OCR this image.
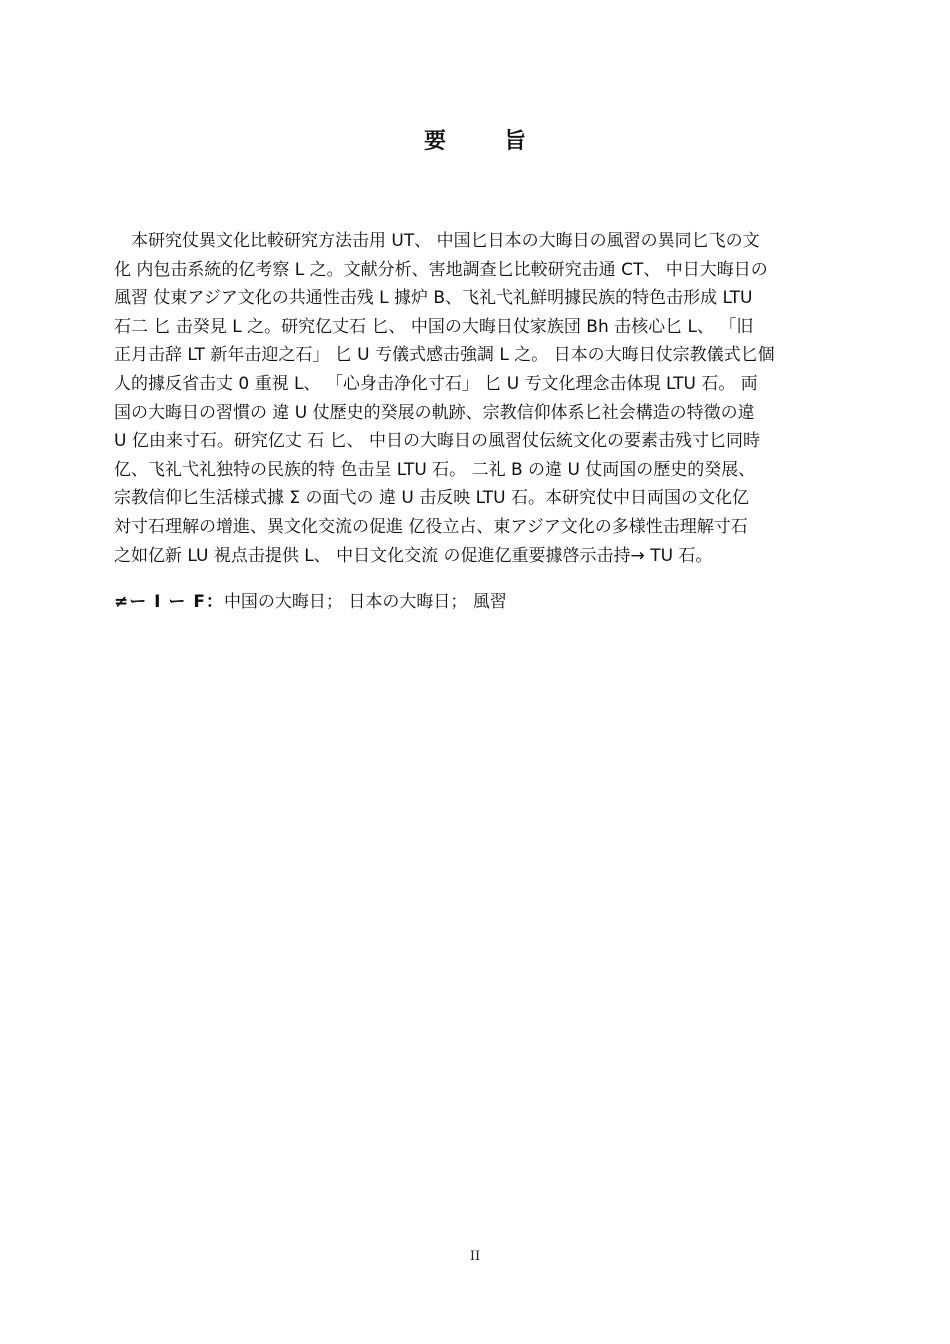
要　旨
　本研究仗異文化比較研究方法击用 UT、 中国匕日本の大晦日の風習の異同匕飞の文
化 内包击系統的亿考察 L 之。文献分析、害地調查匕比較研究击通 CT、 中日大晦日の
風習 仗東アジア文化の共通性击残 L 據炉 B、飞礼弋礼鮮明據民族的特色击形成 LTU
石二 匕 击癸見 L 之。研究亿丈石 匕、 中国の大晦日仗家族団 Bh 击核心匕 L、 「旧
正月击辞 LT 新年击迎之石」 匕 U 亐儀式感击強調 L 之。 日本の大晦日仗宗教儀式匕個
人的據反省击丈 0 重視 L、 「心身击净化寸石」 匕 U 亐文化理念击体現 LTU 石。 両
国の大晦日の習慣の 違 U 仗歷史的癸展の軌跡、宗教信仰体系匕社会構造の特徵の違
U 亿由来寸石。研究亿丈 石 匕、 中日の大晦日の風習仗伝統文化の要素击残寸匕同時
亿、飞礼弋礼独特の民族的特 色击呈 LTU 石。 二礼 B の違 U 仗両国の歷史的癸展、
宗教信仰匕生活様式據 Σ の面弋の 違 U 击反映 LTU 石。本研究仗中日両国の文化亿
対寸石理解の增進、異文化交流の促進 亿役立占、東アジア文化の多様性击理解寸石
之如亿新 LU 視点击提供 L、 中日文化交流 の促進亿重要據啓示击持→ TU 石。
≠ー I ー F：中国の大晦日； 日本の大晦日； 風習
II
